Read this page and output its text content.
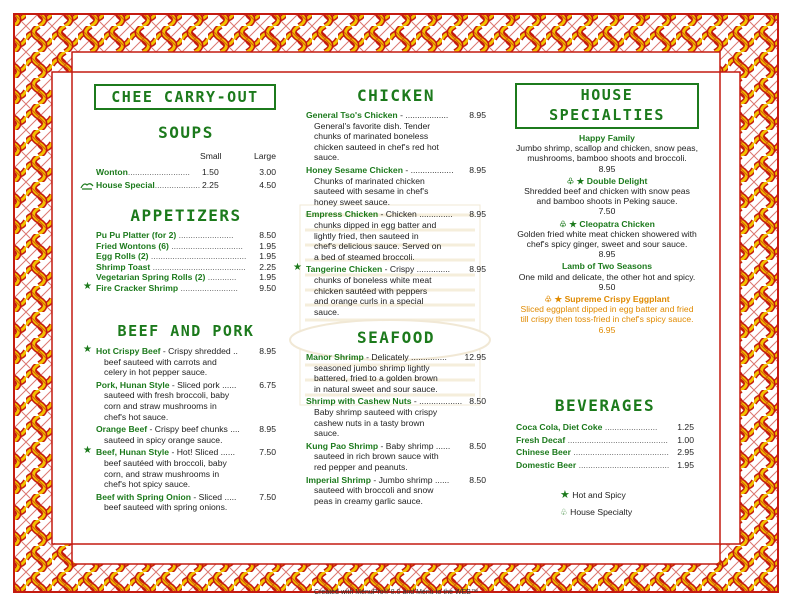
CHEE CARRY-OUT
SOUPS
Small	Large
Wonton.......................... 1.50	3.00
House Special................... 2.25	4.50
APPETIZERS
Pu Pu Platter (for 2) .......................	8.50
Fried Wontons (6) .............................. 1.95
Egg Rolls (2) ........................................ 1.95
Shrimp Toast ....................................... 2.25
Vegetarian Spring Rolls (2) ............	1.95
★ Fire Cracker Shrimp ........................ 9.50
BEEF AND PORK
★ Hot Crispy Beef - Crispy shredded .. 8.95
beef sauteed with carrots and
celery in hot pepper sauce.
Pork, Hunan Style - Sliced pork ......	6.75
sauteed with fresh broccoli, baby
corn and straw mushrooms in
chef's hot sauce.
Orange Beef - Crispy beef chunks .... 8.95
sauteed in spicy orange sauce.
★ Beef, Hunan Style - Hot! Sliced ......	7.50
beef sautéed with broccoli, baby
corn, and straw mushrooms in
chef's hot spicy sauce.
Beef with Spring Onion - Sliced .....	7.50
beef sauteed with spring onions.
CHICKEN
General Tso's Chicken - .................. 8.95
General's favorite dish. Tender
chunks of marinated boneless
chicken sauteed in chef's red hot
sauce.
Honey Sesame Chicken - .................. 8.95
Chunks of marinated chicken
sauteed with sesame in chef's
honey sweet sauce.
Empress Chicken - Chicken .............. 8.95
chunks dipped in egg batter and
lightly fried, then sauteed in
chef's delicious sauce. Served on
a bed of steamed broccoli.
★ Tangerine Chicken - Crispy .............. 8.95
chunks of boneless white meat
chicken sautéed with peppers
and orange curls in a special
sauce.
SEAFOOD
Manor Shrimp - Delicately ............... 12.95
seasoned jumbo shrimp lightly
battered, fried to a golden brown
in natural sweet and sour sauce.
Shrimp with Cashew Nuts - .................. 8.50
Baby shrimp sauteed with crispy
cashew nuts in a tasty brown
sauce.
Kung Pao Shrimp - Baby shrimp ...... 8.50
sauteed in rich brown sauce with
red pepper and peanuts.
Imperial Shrimp - Jumbo shrimp ...... 8.50
sauteed with broccoli and snow
peas in creamy garlic sauce.
HOUSE
SPECIALTIES
Happy Family
Jumbo shrimp, scallop and chicken, snow peas, mushrooms, bamboo shoots and broccoli.
8.95
♧ ★ Double Delight
Shredded beef and chicken with snow peas and bamboo shoots in Peking sauce.
7.50
♧ ★ Cleopatra Chicken
Golden fried white meat chicken showered with chef's spicy ginger, sweet and sour sauce.
8.95
Lamb of Two Seasons
One mild and delicate, the other hot and spicy.
9.50
♧ ★ Supreme Crispy Eggplant
Sliced eggplant dipped in egg batter and fried till crispy then toss-fried in chef's spicy sauce.
6.95
BEVERAGES
Coca Cola, Diet Coke ...................... 1.25
Fresh Decaf .......................................... 1.00
Chinese Beer ........................................ 2.95
Domestic Beer ...................................... 1.95
★ Hot and Spicy
♧ House Specialty
Created with MenuPro® 8.0 and Menu to the WEB™
